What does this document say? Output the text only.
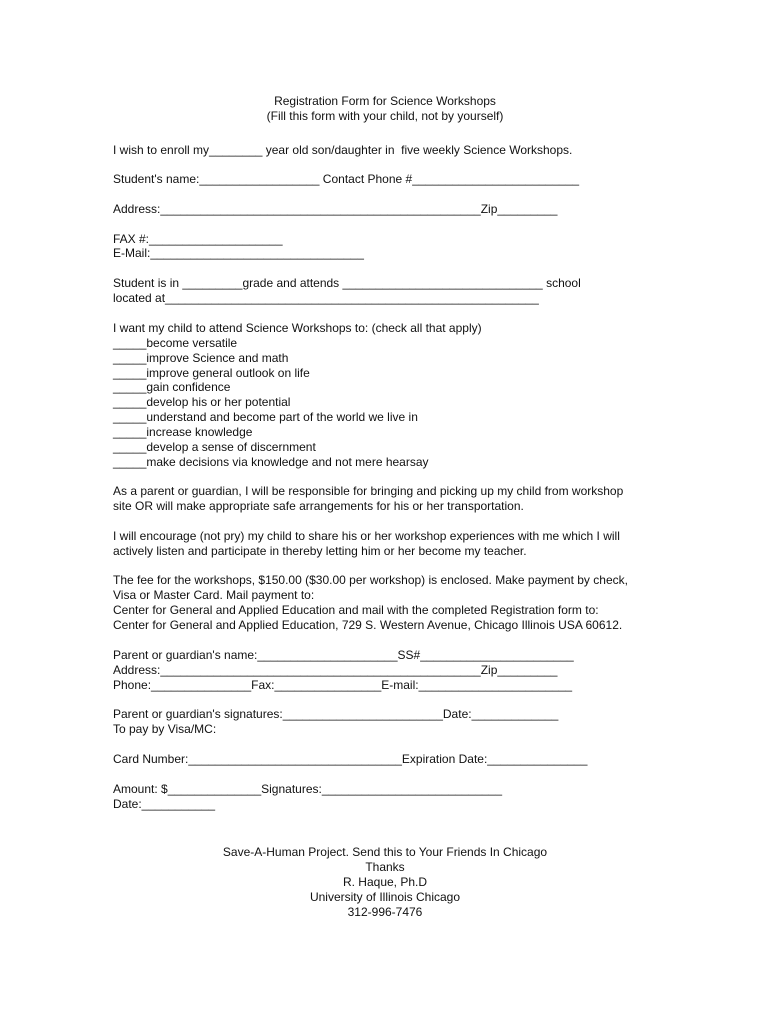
Registration Form for Science Workshops
(Fill this form with your child, not by yourself)
I wish to enroll my________ year old son/daughter in  five weekly Science Workshops.
Student's name:__________________ Contact Phone #_________________________
Address:________________________________________________Zip_________
FAX #:____________________
E-Mail:________________________________
Student is in _________grade and attends ______________________________ school
located at________________________________________________________
I want my child to attend Science Workshops to: (check all that apply)
_____become versatile
_____improve Science and math
_____improve general outlook on life
_____gain confidence
_____develop his or her potential
_____understand and become part of the world we live in
_____increase knowledge
_____develop a sense of discernment
_____make decisions via knowledge and not mere hearsay
As a parent or guardian, I will be responsible for bringing and picking up my child from workshop
site OR will make appropriate safe arrangements for his or her transportation.
I will encourage (not pry) my child to share his or her workshop experiences with me which I will
actively listen and participate in thereby letting him or her become my teacher.
The fee for the workshops, $150.00 ($30.00 per workshop) is enclosed. Make payment by check,
Visa or Master Card. Mail payment to:
Center for General and Applied Education and mail with the completed Registration form to:
Center for General and Applied Education, 729 S. Western Avenue, Chicago Illinois USA 60612.
Parent or guardian's name:_____________________SS#_______________________
Address:________________________________________________Zip_________
Phone:_______________Fax:________________E-mail:_______________________
Parent or guardian's signatures:________________________Date:_____________
To pay by Visa/MC:
Card Number:________________________________Expiration Date:_______________
Amount: $______________Signatures:___________________________
Date:___________
Save-A-Human Project. Send this to Your Friends In Chicago
Thanks
R. Haque, Ph.D
University of Illinois Chicago
312-996-7476
